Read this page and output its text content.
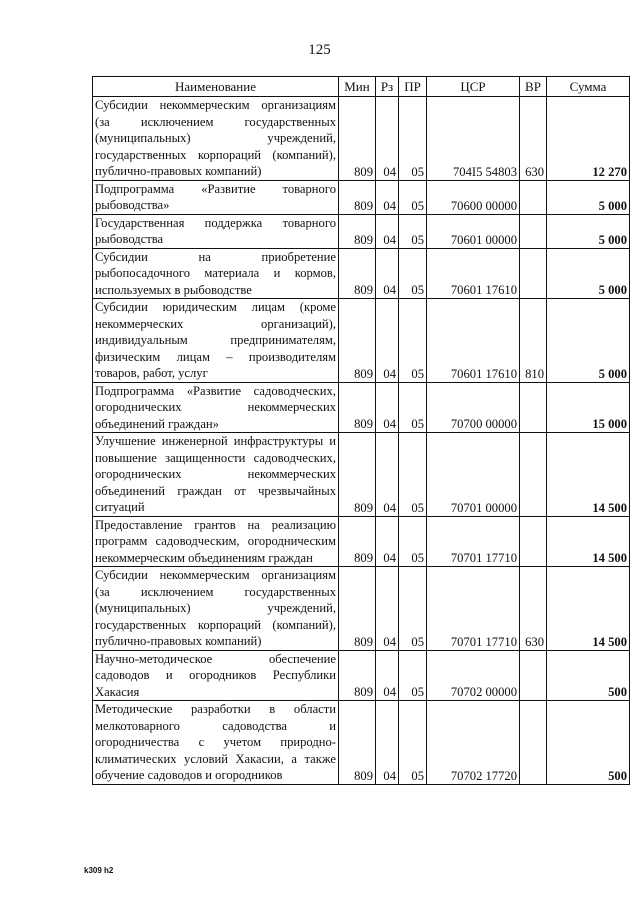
125
Наименование	Мин	Рз	ПР	ЦСР	ВР	Сумма
Субсидии некоммерческим организациям (за исключением государственных (муниципальных) учреждений, государственных корпораций (компаний), публично-правовых компаний)	809	04	05	704I5 54803	630	12 270
Подпрограмма «Развитие товарного рыбоводства»	809	04	05	70600 00000		5 000
Государственная поддержка товарного рыбоводства	809	04	05	70601 00000		5 000
Субсидии на приобретение рыбопосадочного материала и кормов, используемых в рыбоводстве	809	04	05	70601 17610		5 000
Субсидии юридическим лицам (кроме некоммерческих организаций), индивидуальным предпринимателям, физическим лицам – производителям товаров, работ, услуг	809	04	05	70601 17610	810	5 000
Подпрограмма «Развитие садоводческих, огороднических некоммерческих объединений граждан»	809	04	05	70700 00000		15 000
Улучшение инженерной инфраструктуры и повышение защищенности садоводческих, огороднических некоммерческих объединений граждан от чрезвычайных ситуаций	809	04	05	70701 00000		14 500
Предоставление грантов на реализацию программ садоводческим, огородническим некоммерческим объединениям граждан	809	04	05	70701 17710		14 500
Субсидии некоммерческим организациям (за исключением государственных (муниципальных) учреждений, государственных корпораций (компаний), публично-правовых компаний)	809	04	05	70701 17710	630	14 500
Научно-методическое обеспечение садоводов и огородников Республики Хакасия	809	04	05	70702 00000		500
Методические разработки в области мелкотоварного садоводства и огородничества с учетом природно-климатических условий Хакасии, а также обучение садоводов и огородников	809	04	05	70702 17720		500
k309 h2
